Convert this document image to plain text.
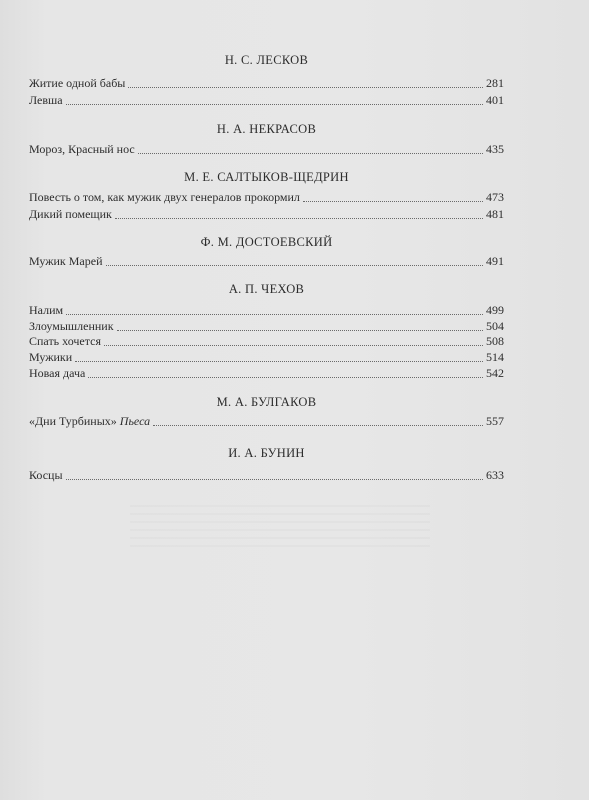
Н. С. ЛЕСКОВ
Житие одной бабы	281
Левша	401
Н. А. НЕКРАСОВ
Мороз, Красный нос	435
М. Е. САЛТЫКОВ-ЩЕДРИН
Повесть о том, как мужик двух генералов прокормил	473
Дикий помещик	481
Ф. М. ДОСТОЕВСКИЙ
Мужик Марей	491
А. П. ЧЕХОВ
Налим	499
Злоумышленник	504
Спать хочется	508
Мужики	514
Новая дача	542
М. А. БУЛГАКОВ
«Дни Турбиных» Пьеса	557
И. А. БУНИН
Косцы	633
